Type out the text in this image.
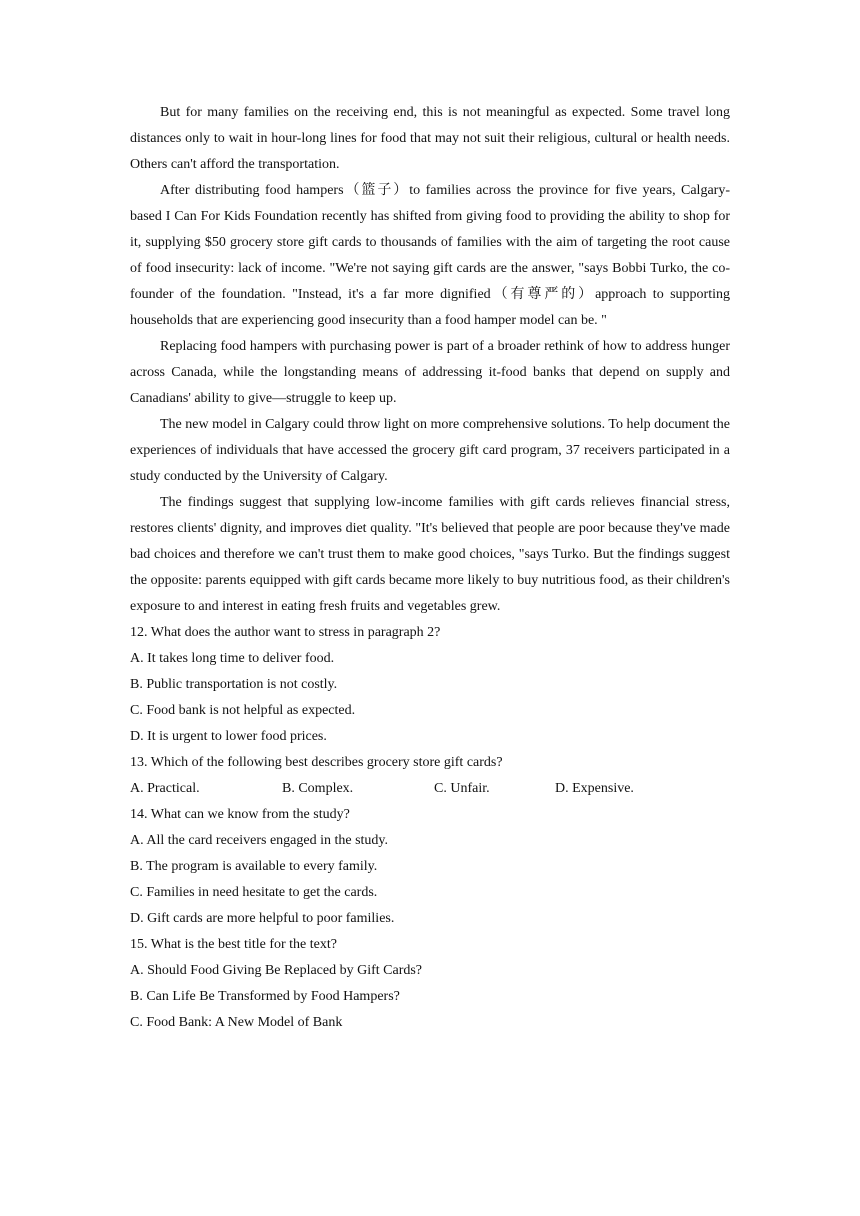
But for many families on the receiving end, this is not meaningful as expected. Some travel long distances only to wait in hour-long lines for food that may not suit their religious, cultural or health needs. Others can't afford the transportation.

After distributing food hampers（篮子）to families across the province for five years, Calgary-based I Can For Kids Foundation recently has shifted from giving food to providing the ability to shop for it, supplying $50 grocery store gift cards to thousands of families with the aim of targeting the root cause of food insecurity: lack of income. "We're not saying gift cards are the answer, "says Bobbi Turko, the co-founder of the foundation. "Instead, it's a far more dignified（有尊严的）approach to supporting households that are experiencing good insecurity than a food hamper model can be. "

Replacing food hampers with purchasing power is part of a broader rethink of how to address hunger across Canada, while the longstanding means of addressing it-food banks that depend on supply and Canadians' ability to give—struggle to keep up.

The new model in Calgary could throw light on more comprehensive solutions. To help document the experiences of individuals that have accessed the grocery gift card program, 37 receivers participated in a study conducted by the University of Calgary.

The findings suggest that supplying low-income families with gift cards relieves financial stress, restores clients' dignity, and improves diet quality. "It's believed that people are poor because they've made bad choices and therefore we can't trust them to make good choices, "says Turko. But the findings suggest the opposite: parents equipped with gift cards became more likely to buy nutritious food, as their children's exposure to and interest in eating fresh fruits and vegetables grew.

12. What does the author want to stress in paragraph 2?

A. It takes long time to deliver food.

B. Public transportation is not costly.

C. Food bank is not helpful as expected.

D. It is urgent to lower food prices.

13. Which of the following best describes grocery store gift cards?

A. Practical.	B. Complex.	C. Unfair.	D. Expensive.

14. What can we know from the study?

A. All the card receivers engaged in the study.

B. The program is available to every family.

C. Families in need hesitate to get the cards.

D. Gift cards are more helpful to poor families.

15. What is the best title for the text?

A. Should Food Giving Be Replaced by Gift Cards?

B. Can Life Be Transformed by Food Hampers?

C. Food Bank: A New Model of Bank
